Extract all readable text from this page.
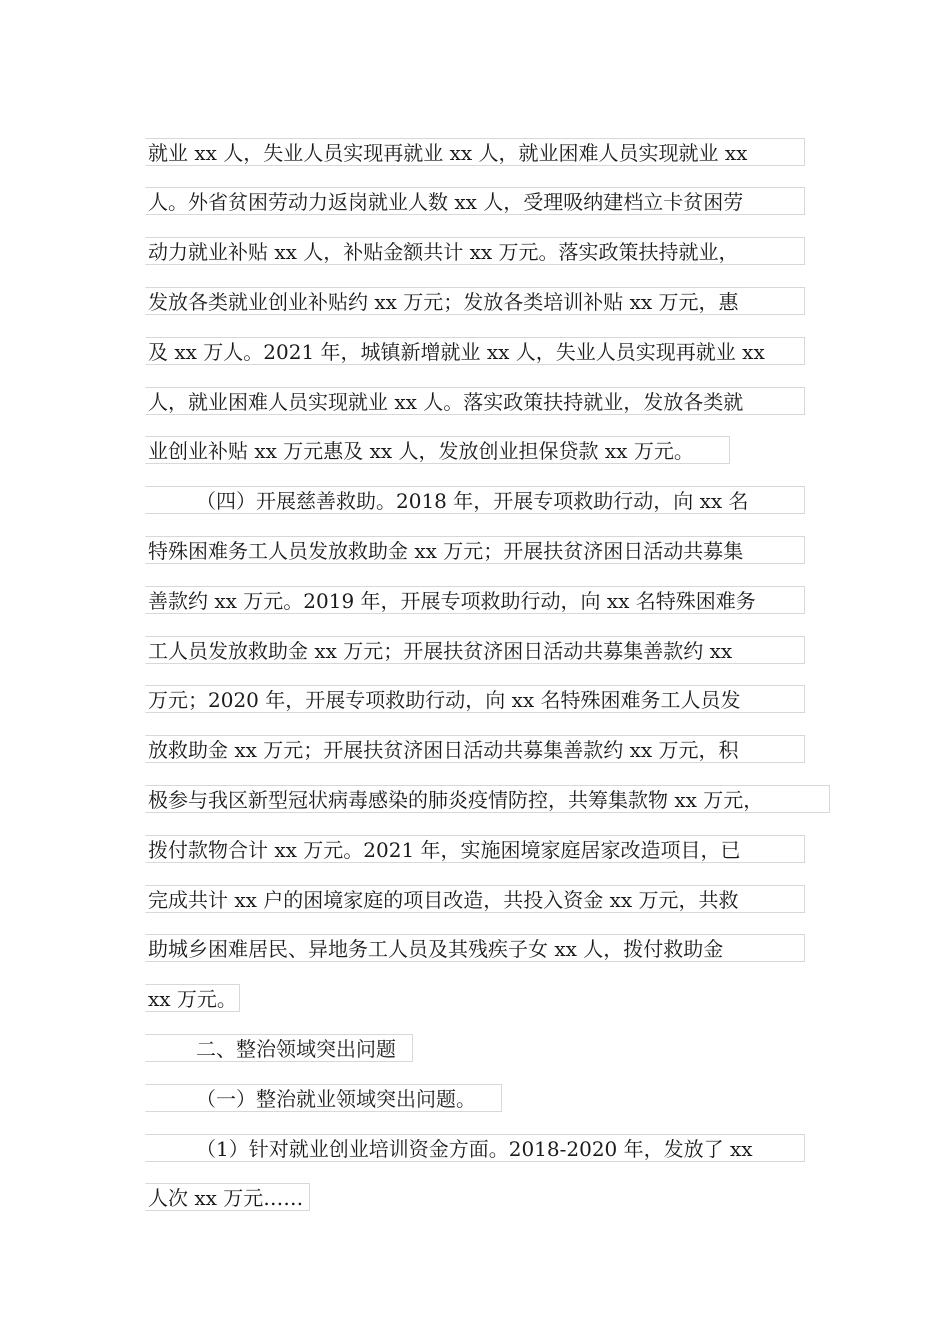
就业 xx 人，失业人员实现再就业 xx 人，就业困难人员实现就业 xx
人。外省贫困劳动力返岗就业人数 xx 人，受理吸纳建档立卡贫困劳
动力就业补贴 xx 人，补贴金额共计 xx 万元。落实政策扶持就业，
发放各类就业创业补贴约 xx 万元；发放各类培训补贴 xx 万元，惠
及 xx 万人。2021 年，城镇新增就业 xx 人，失业人员实现再就业 xx
人，就业困难人员实现就业 xx 人。落实政策扶持就业，发放各类就
业创业补贴 xx 万元惠及 xx 人，发放创业担保贷款 xx 万元。
（四）开展慈善救助。2018 年，开展专项救助行动，向 xx 名
特殊困难务工人员发放救助金 xx 万元；开展扶贫济困日活动共募集
善款约 xx 万元。2019 年，开展专项救助行动，向 xx 名特殊困难务
工人员发放救助金 xx 万元；开展扶贫济困日活动共募集善款约 xx
万元；2020 年，开展专项救助行动，向 xx 名特殊困难务工人员发
放救助金 xx 万元；开展扶贫济困日活动共募集善款约 xx 万元，积
极参与我区新型冠状病毒感染的肺炎疫情防控，共筹集款物 xx 万元，
拨付款物合计 xx 万元。2021 年，实施困境家庭居家改造项目，已
完成共计 xx 户的困境家庭的项目改造，共投入资金 xx 万元，共救
助城乡困难居民、异地务工人员及其残疾子女 xx 人，拨付救助金
xx 万元。
二、整治领域突出问题
（一）整治就业领域突出问题。
（1）针对就业创业培训资金方面。2018-2020 年，发放了 xx
人次 xx 万元……
